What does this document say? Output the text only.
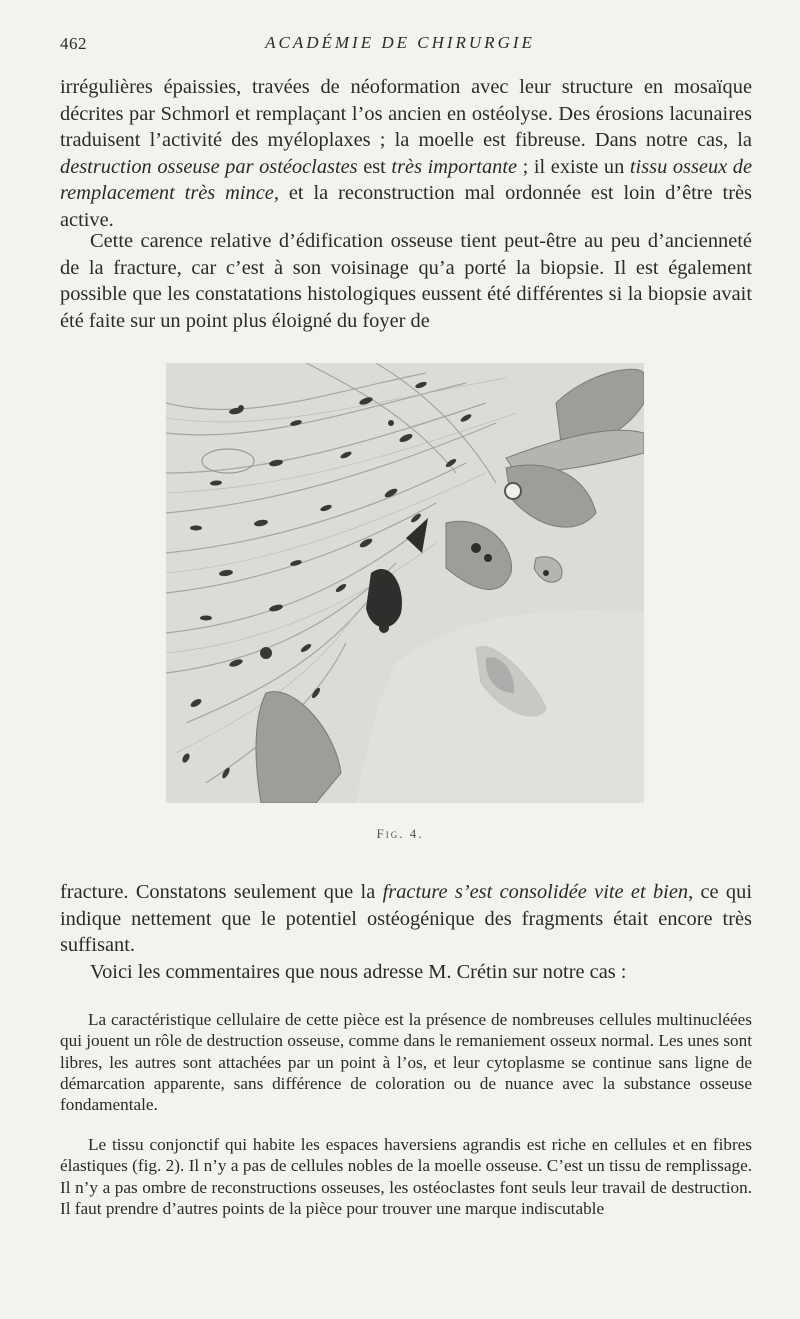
462	ACADÉMIE DE CHIRURGIE

irrégulières épaissies, travées de néoformation avec leur structure en mosaïque décrites par Schmorl et remplaçant l’os ancien en ostéolyse. Des érosions lacunaires traduisent l’activité des myéloplaxes ; la moelle est fibreuse. Dans notre cas, la destruction osseuse par ostéoclastes est très importante ; il existe un tissu osseux de remplacement très mince, et la reconstruction mal ordonnée est loin d’être très active.

Cette carence relative d’édification osseuse tient peut-être au peu d’ancienneté de la fracture, car c’est à son voisinage qu’a porté la biopsie. Il est également possible que les constatations histologiques eussent été différentes si la biopsie avait été faite sur un point plus éloigné du foyer de

Fig. 4.

fracture. Constatons seulement que la fracture s’est consolidée vite et bien, ce qui indique nettement que le potentiel ostéogénique des fragments était encore très suffisant.

Voici les commentaires que nous adresse M. Crétin sur notre cas :

La caractéristique cellulaire de cette pièce est la présence de nombreuses cellules multinucléées qui jouent un rôle de destruction osseuse, comme dans le remaniement osseux normal. Les unes sont libres, les autres sont attachées par un point à l’os, et leur cytoplasme se continue sans ligne de démarcation apparente, sans différence de coloration ou de nuance avec la substance osseuse fondamentale.

Le tissu conjonctif qui habite les espaces haversiens agrandis est riche en cellules et en fibres élastiques (fig. 2). Il n’y a pas de cellules nobles de la moelle osseuse. C’est un tissu de remplissage. Il n’y a pas ombre de reconstructions osseuses, les ostéoclastes font seuls leur travail de destruction. Il faut prendre d’autres points de la pièce pour trouver une marque indiscutable
